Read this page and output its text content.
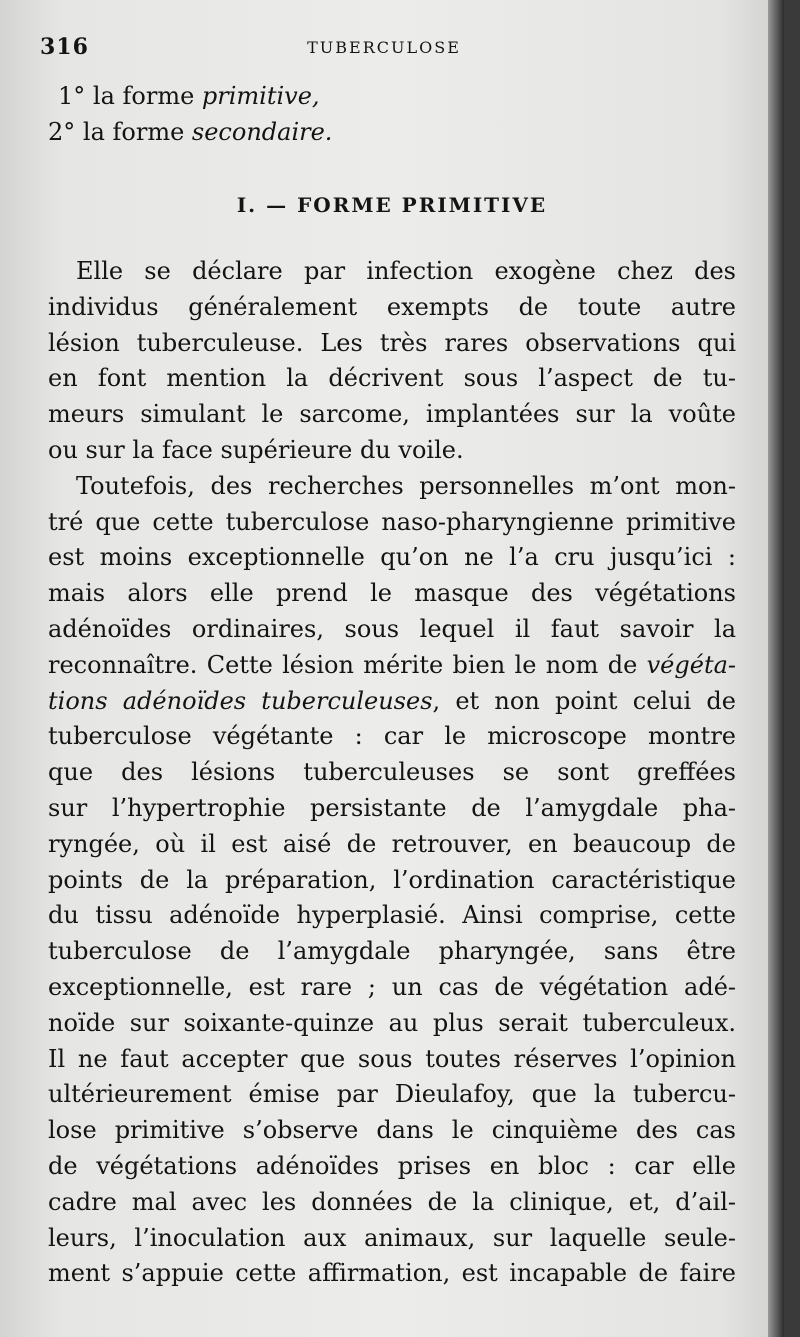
316	TUBERCULOSE
1° la forme primitive,
2° la forme secondaire.
I. — FORME PRIMITIVE
Elle se déclare par infection exogène chez des
individus généralement exempts de toute autre
lésion tuberculeuse. Les très rares observations qui
en font mention la décrivent sous l’aspect de tu-
meurs simulant le sarcome, implantées sur la voûte
ou sur la face supérieure du voile.
Toutefois, des recherches personnelles m’ont mon-
tré que cette tuberculose naso-pharyngienne primitive
est moins exceptionnelle qu’on ne l’a cru jusqu’ici :
mais alors elle prend le masque des végétations
adénoïdes ordinaires, sous lequel il faut savoir la
reconnaître. Cette lésion mérite bien le nom de végéta-
tions adénoïdes tuberculeuses, et non point celui de
tuberculose végétante : car le microscope montre
que des lésions tuberculeuses se sont greffées
sur l’hypertrophie persistante de l’amygdale pha-
ryngée, où il est aisé de retrouver, en beaucoup de
points de la préparation, l’ordination caractéristique
du tissu adénoïde hyperplasié. Ainsi comprise, cette
tuberculose de l’amygdale pharyngée, sans être
exceptionnelle, est rare ; un cas de végétation adé-
noïde sur soixante-quinze au plus serait tuberculeux.
Il ne faut accepter que sous toutes réserves l’opinion
ultérieurement émise par Dieulafoy, que la tubercu-
lose primitive s’observe dans le cinquième des cas
de végétations adénoïdes prises en bloc : car elle
cadre mal avec les données de la clinique, et, d’ail-
leurs, l’inoculation aux animaux, sur laquelle seule-
ment s’appuie cette affirmation, est incapable de faire
